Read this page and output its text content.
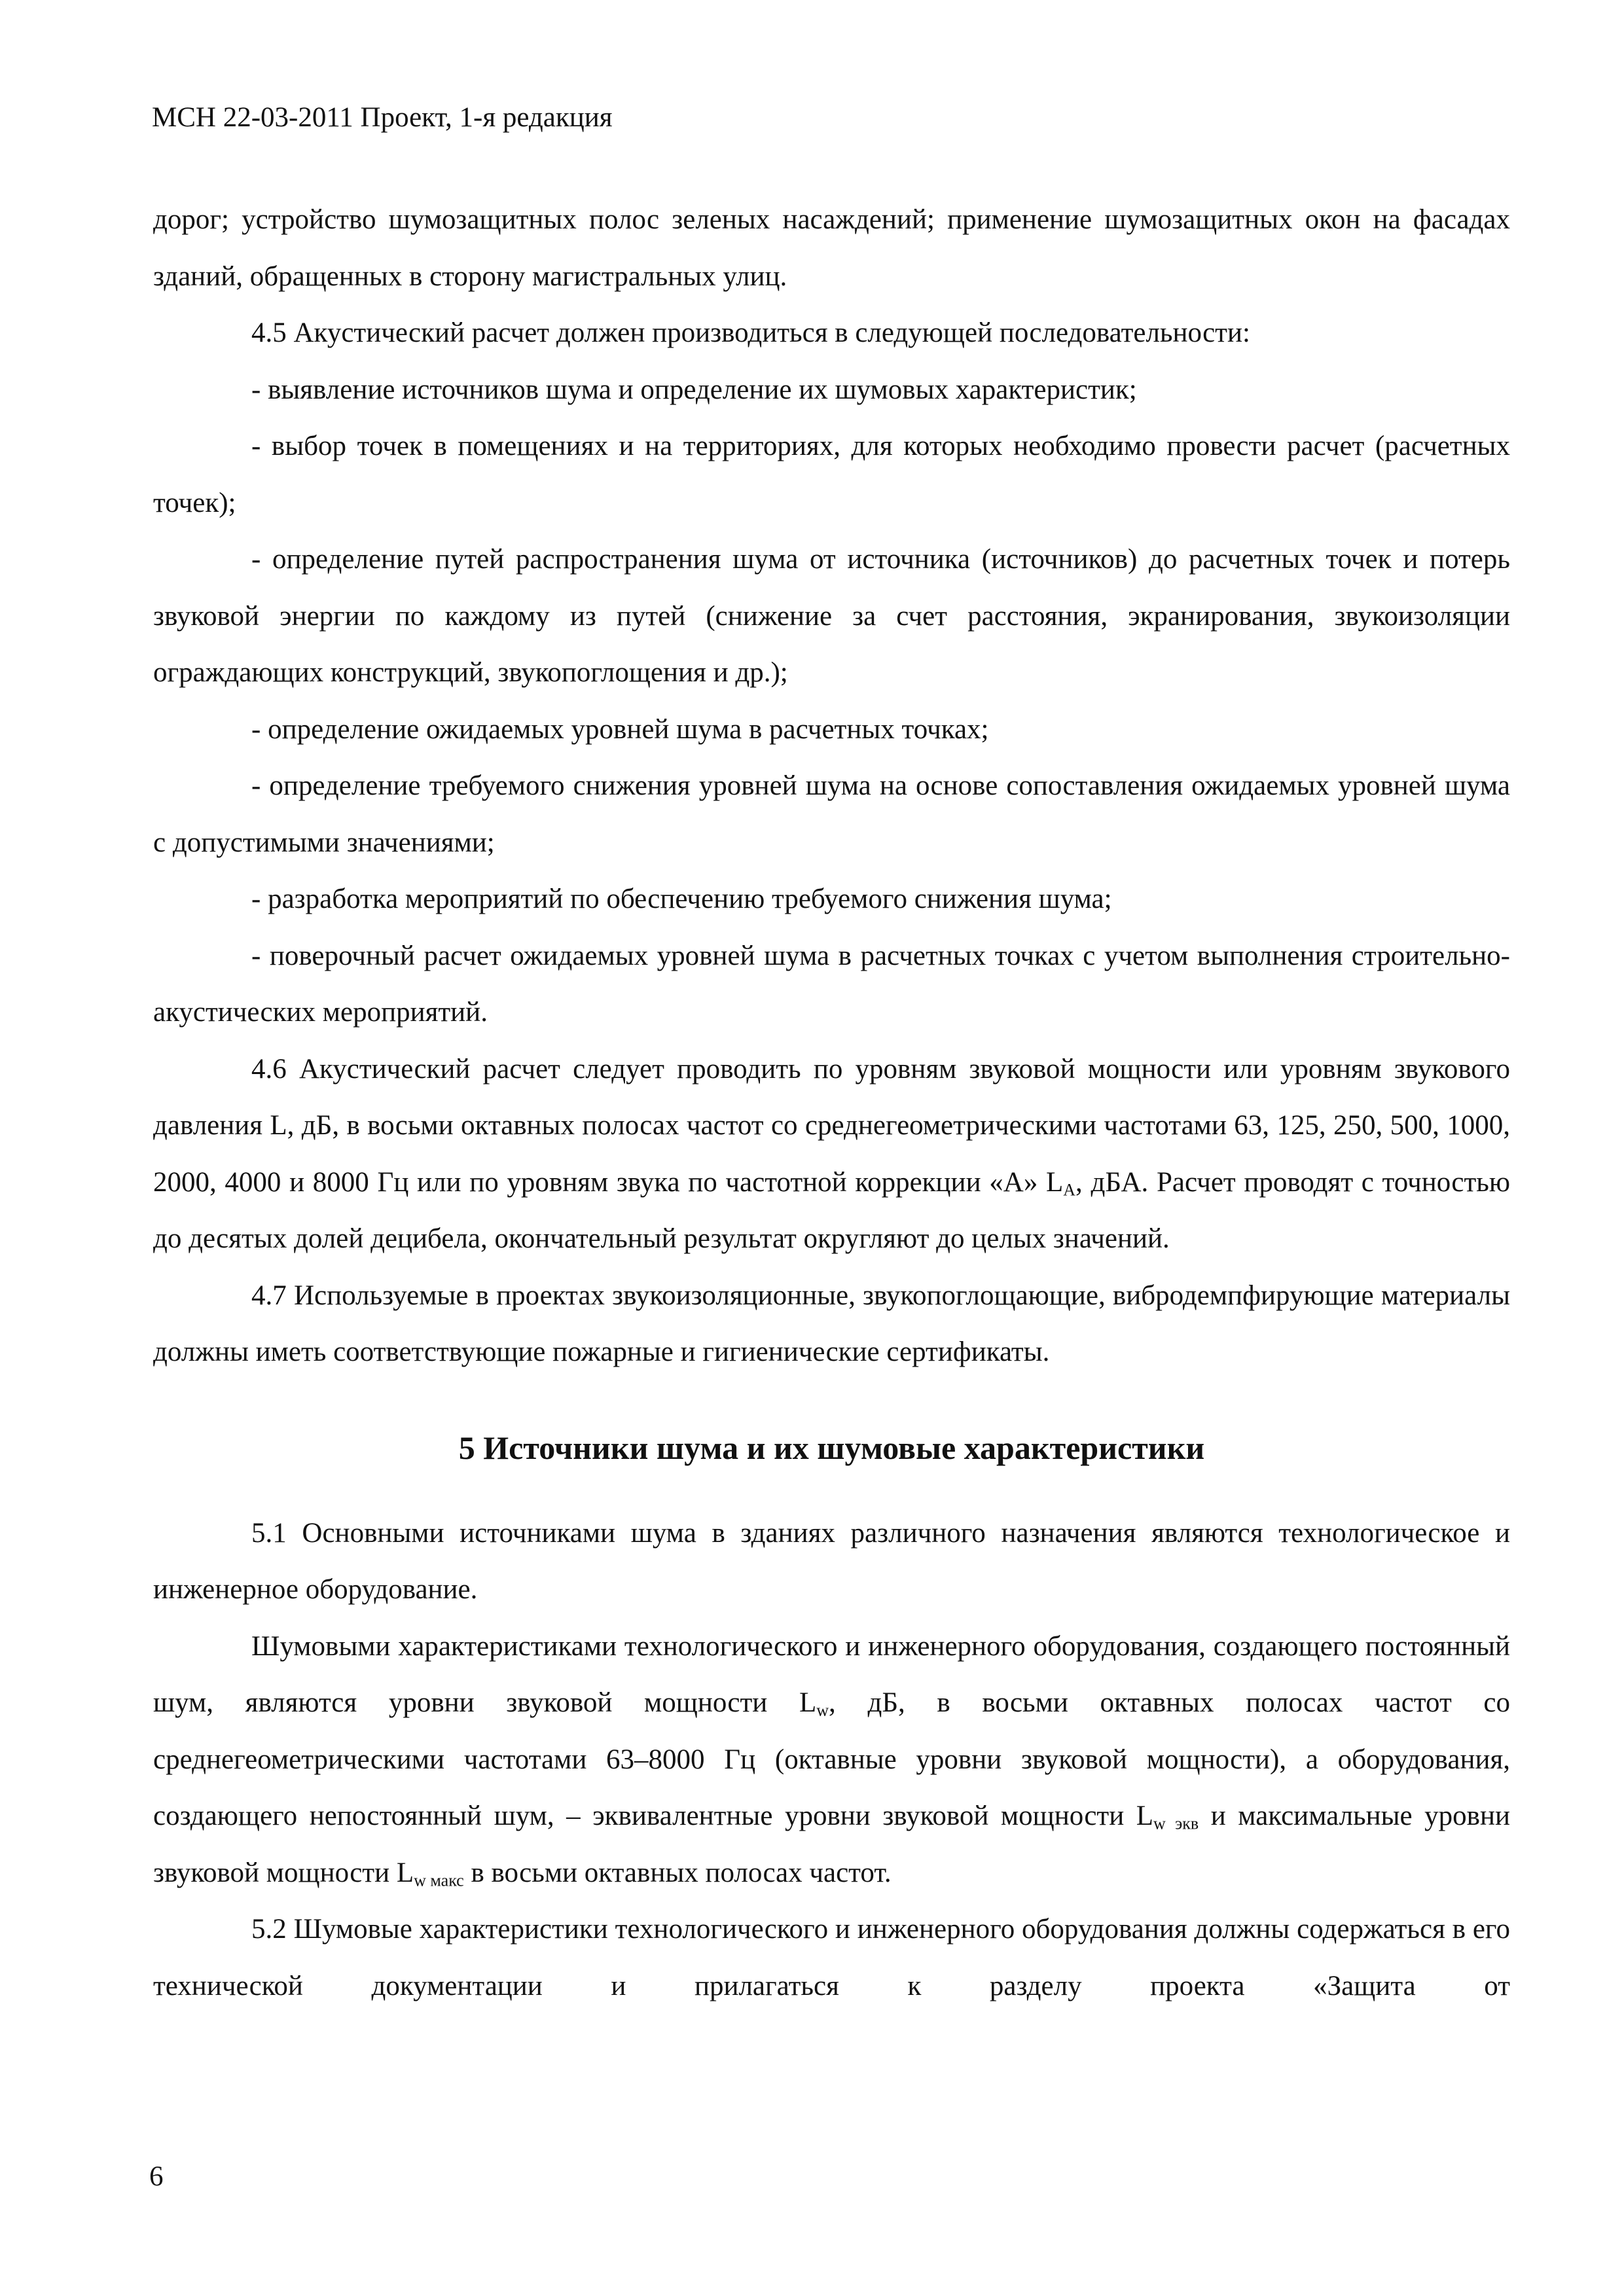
МСН 22-03-2011 Проект, 1-я редакция

дорог; устройство шумозащитных полос зеленых насаждений; применение шумозащитных окон на фасадах зданий, обращенных в сторону магистральных улиц.

4.5 Акустический расчет должен производиться в следующей последовательности:

- выявление источников шума и определение их шумовых характеристик;

- выбор точек в помещениях и на территориях, для которых необходимо провести расчет (расчетных точек);

- определение путей распространения шума от источника (источников) до расчетных точек и потерь звуковой энергии по каждому из путей (снижение за счет расстояния, экранирования, звукоизоляции ограждающих конструкций, звукопоглощения и др.);

- определение ожидаемых уровней шума в расчетных точках;

- определение требуемого снижения уровней шума на основе сопоставления ожидаемых уровней шума с допустимыми значениями;

- разработка мероприятий по обеспечению требуемого снижения шума;

- поверочный расчет ожидаемых уровней шума в расчетных точках с учетом выполнения строительно-акустических мероприятий.

4.6 Акустический расчет следует проводить по уровням звуковой мощности или уровням звукового давления L, дБ, в восьми октавных полосах частот со среднегеометрическими частотами 63, 125, 250, 500, 1000, 2000, 4000 и 8000 Гц или по уровням звука по частотной коррекции «А» $L_А$, дБА. Расчет проводят с точностью до десятых долей децибела, окончательный результат округляют до целых значений.

4.7 Используемые в проектах звукоизоляционные, звукопоглощающие, вибродемпфирующие материалы должны иметь соответствующие пожарные и гигиенические сертификаты.

5 Источники шума и их шумовые характеристики

5.1 Основными источниками шума в зданиях различного назначения являются технологическое и инженерное оборудование.

Шумовыми характеристиками технологического и инженерного оборудования, создающего постоянный шум, являются уровни звуковой мощности $L_w$, дБ, в восьми октавных полосах частот со среднегеометрическими частотами 63–8000 Гц (октавные уровни звуковой мощности), а оборудования, создающего непостоянный шум, – эквивалентные уровни звуковой мощности $L_{w экв}$ и максимальные уровни звуковой мощности $L_{w макс}$ в восьми октавных полосах частот.

5.2 Шумовые характеристики технологического и инженерного оборудования должны содержаться в его технической документации и прилагаться к разделу проекта «Защита от

6
